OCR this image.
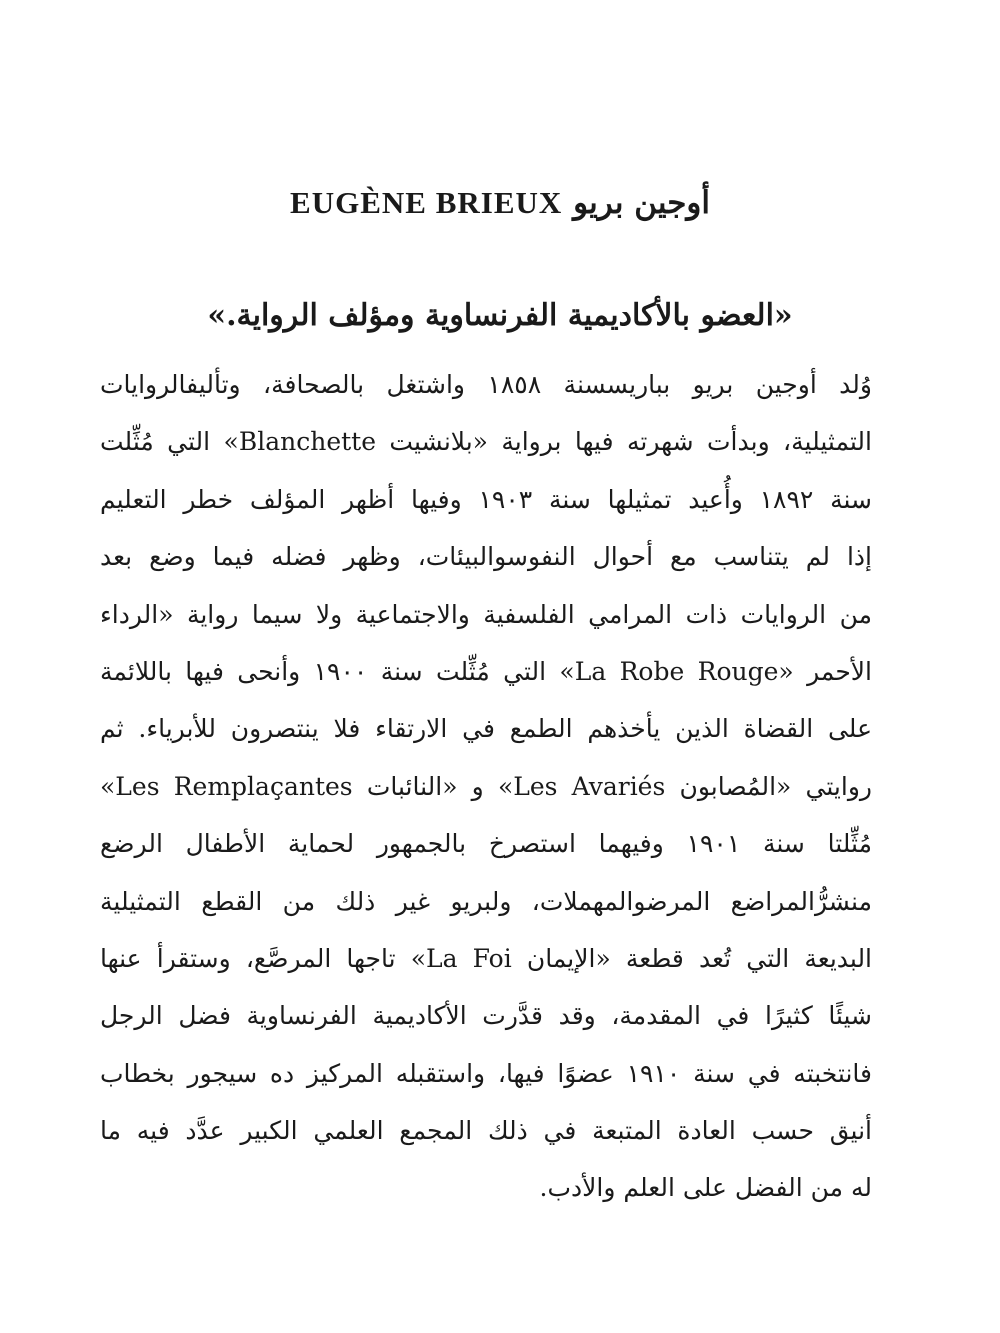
أوجين بريو EUGÈNE BRIEUX
«العضو بالأكاديمية الفرنساوية ومؤلف الرواية.»
وُلد أوجين بريو بباريسسنة ١٨٥٨ واشتغل بالصحافة، وتأليفالروايات
التمثيلية، وبدأت شهرته فيها برواية «بلانشيت Blanchette» التي مُثِّلت
سنة ١٨٩٢ وأُعيد تمثيلها سنة ١٩٠٣ وفيها أظهر المؤلف خطر التعليم
إذا لم يتناسب مع أحوال النفوسوالبيئات، وظهر فضله فيما وضع بعد
من الروايات ذات المرامي الفلسفية والاجتماعية ولا سيما رواية «الرداء
الأحمر «La Robe Rouge» التي مُثِّلت سنة ١٩٠٠ وأنحى فيها باللائمة
على القضاة الذين يأخذهم الطمع في الارتقاء فلا ينتصرون للأبرياء. ثم
روايتي «المُصابون Les Avariés» و «النائبات Les Remplaçantes»
مُثِّلتا سنة ١٩٠١ وفيهما استصرخ بالجمهور لحماية الأطفال الرضع
منشرُّالمراضع المرضوالمهملات، ولبريو غير ذلك من القطع التمثيلية
البديعة التي تُعد قطعة «الإيمان La Foi» تاجها المرصَّع، وستقرأ عنها
شيئًا كثيرًا في المقدمة، وقد قدَّرت الأكاديمية الفرنساوية فضل الرجل
فانتخبته في سنة ١٩١٠ عضوًا فيها، واستقبله المركيز ده سيجور بخطاب
أنيق حسب العادة المتبعة في ذلك المجمع العلمي الكبير عدَّد فيه ما
له من الفضل على العلم والأدب.
